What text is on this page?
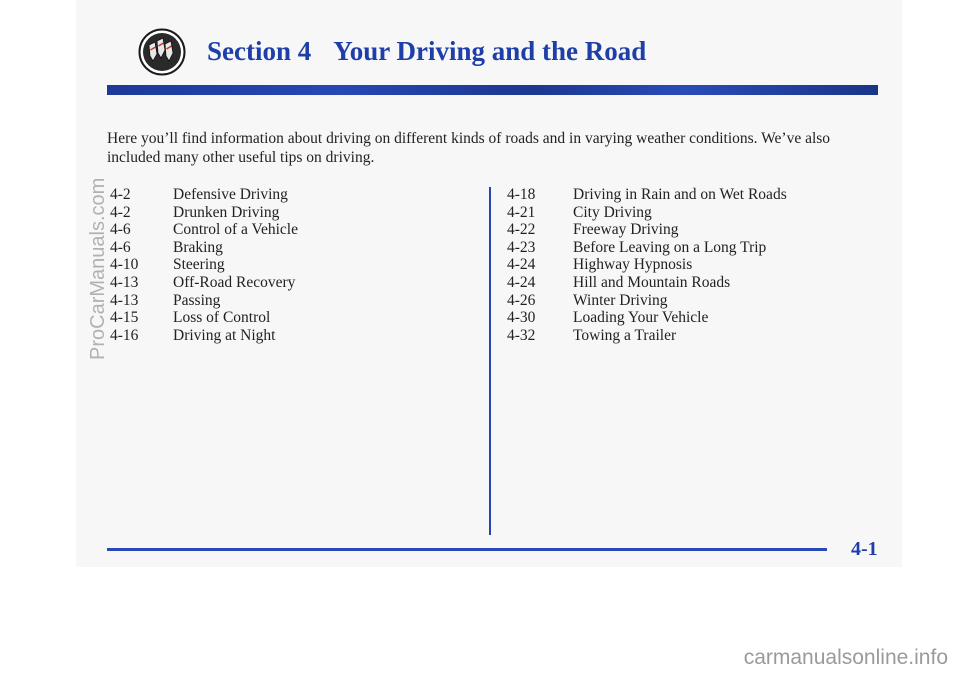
Section 4 Your Driving and the Road

Here you’ll find information about driving on different kinds of roads and in varying weather conditions. We’ve also included many other useful tips on driving.

4-2	Defensive Driving
4-2	Drunken Driving
4-6	Control of a Vehicle
4-6	Braking
4-10	Steering
4-13	Off-Road Recovery
4-13	Passing
4-15	Loss of Control
4-16	Driving at Night
4-18	Driving in Rain and on Wet Roads
4-21	City Driving
4-22	Freeway Driving
4-23	Before Leaving on a Long Trip
4-24	Highway Hypnosis
4-24	Hill and Mountain Roads
4-26	Winter Driving
4-30	Loading Your Vehicle
4-32	Towing a Trailer
4-1
ProCarManuals.com
carmanualsonline.info
